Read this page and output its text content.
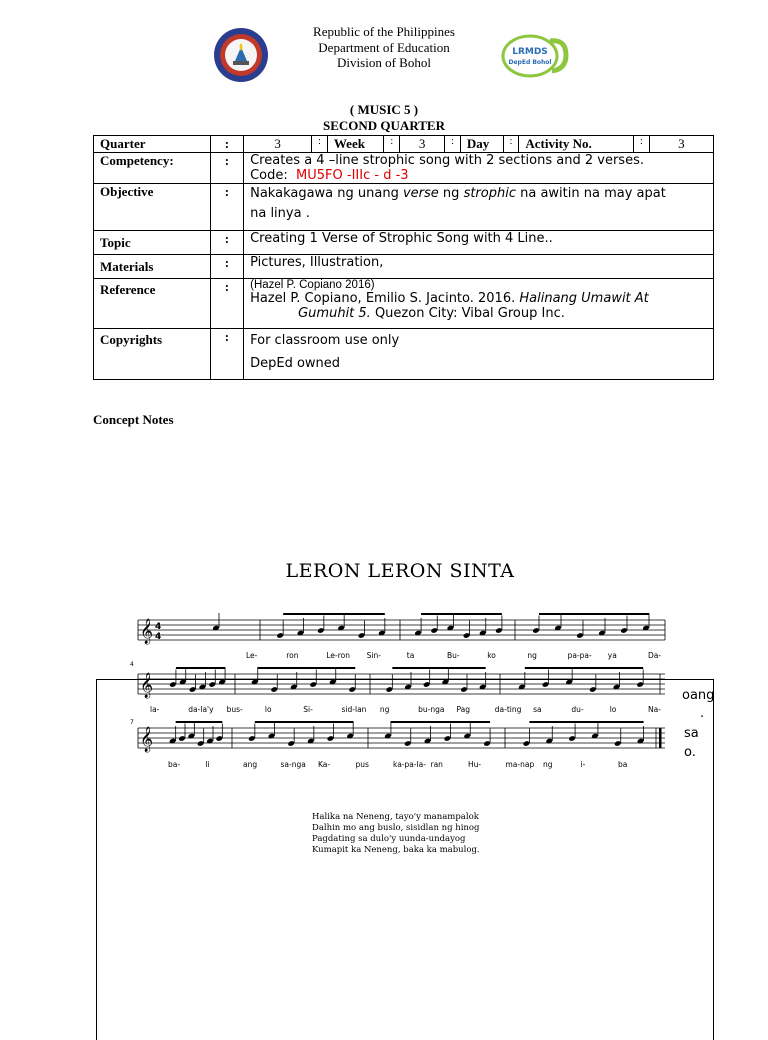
Republic of the Philippines
Department of Education
Division of Bohol
LRMDS
DepEd Bohol
( MUSIC 5 )
SECOND QUARTER
Quarter	:	3	:	Week	:	3	:	Day	:	Activity No.	:	3
Competency:	:	Creates a 4 –line strophic song with 2 sections and 2 verses.
Code: MU5FO -IIIc - d -3										

Objective	:	Nakakagawa ng unang verse ng strophic na awitin na may apat
na linya .										
Topic	:	Creating 1 Verse of Strophic Song with 4 Line..										
Materials	:	Pictures, Illustration,										
Reference	:	(Hazel P. Copiano 2016)
Hazel P. Copiano, Emilio S. Jacinto. 2016. Halinang Umawit At
Gumuhit 5. Quezon City: Vibal Group Inc.										

Copyrights	:	For classroom use only
DepEd owned										
Concept Notes
LERON LERON SINTA
oang
.
sa
o.
4
7
𝄞 4
4
𝄞
𝄞
Le-	ron	Le-ron Sin-	ta	Bu-	ko	ng	pa-pa- ya	Da-
la-	da-la'y bus-	lo	Si-	sid-lan ng	bu-nga Pag	da-ting sa	du-	lo	Na-
ba-	li	ang	sa-nga Ka-	pus	ka-pa-la- ran	Hu-	ma-nap ng	i-	ba
Halika na Neneng, tayo'y manampalok
Dalhin mo ang buslo, sisidlan ng hinog
Pagdating sa dulo'y uunda-undayog
Kumapit ka Neneng, baka ka mabulog.
